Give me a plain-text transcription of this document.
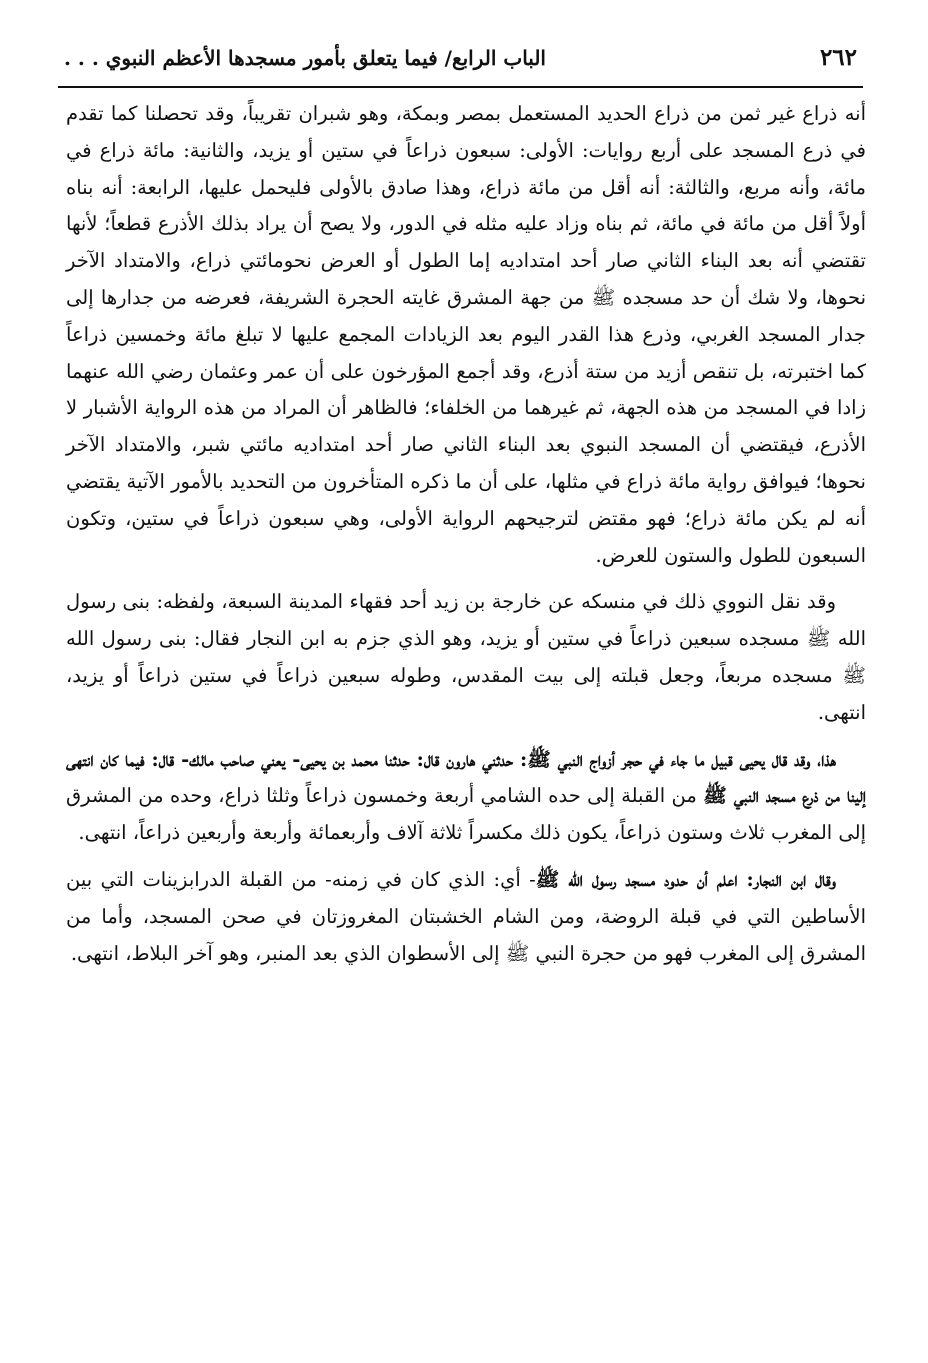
٢٦٢
الباب الرابع/ فيما يتعلق بأمور مسجدها الأعظم النبوي . . .

أنه ذراع غير ثمن من ذراع الحديد المستعمل بمصر وبمكة، وهو شبران تقريباً، وقد تحصلنا كما تقدم في ذرع المسجد على أربع روايات: الأولى: سبعون ذراعاً في ستين أو يزيد، والثانية: مائة ذراع في مائة، وأنه مربع، والثالثة: أنه أقل من مائة ذراع، وهذا صادق بالأولى فليحمل عليها، الرابعة: أنه بناه أولاً أقل من مائة في مائة، ثم بناه وزاد عليه مثله في الدور، ولا يصح أن يراد بذلك الأذرع قطعاً؛ لأنها تقتضي أنه بعد البناء الثاني صار أحد امتداديه إما الطول أو العرض نحومائتي ذراع، والامتداد الآخر نحوها، ولا شك أن حد مسجده ﷺ من جهة المشرق غايته الحجرة الشريفة، فعرضه من جدارها إلى جدار المسجد الغربي، وذرع هذا القدر اليوم بعد الزيادات المجمع عليها لا تبلغ مائة وخمسين ذراعاً كما اختبرته، بل تنقص أزيد من ستة أذرع، وقد أجمع المؤرخون على أن عمر وعثمان رضي الله عنهما زادا في المسجد من هذه الجهة، ثم غيرهما من الخلفاء؛ فالظاهر أن المراد من هذه الرواية الأشبار لا الأذرع، فيقتضي أن المسجد النبوي بعد البناء الثاني صار أحد امتداديه مائتي شبر، والامتداد الآخر نحوها؛ فيوافق رواية مائة ذراع في مثلها، على أن ما ذكره المتأخرون من التحديد بالأمور الآتية يقتضي أنه لم يكن مائة ذراع؛ فهو مقتض لترجيحهم الرواية الأولى، وهي سبعون ذراعاً في ستين، وتكون السبعون للطول والستون للعرض.

وقد نقل النووي ذلك في منسكه عن خارجة بن زيد أحد فقهاء المدينة السبعة، ولفظه: بنى رسول الله ﷺ مسجده سبعين ذراعاً في ستين أو يزيد، وهو الذي جزم به ابن النجار فقال: بنى رسول الله ﷺ مسجده مربعاً، وجعل قبلته إلى بيت المقدس، وطوله سبعين ذراعاً في ستين ذراعاً أو يزيد، انتهى.

هذا، وقد قال يحيى قبيل ما جاء في حجر أزواج النبي ﷺ: حدثني هارون قال: حدثنا محمد بن يحيى- يعني صاحب مالك- قال: فيما كان انتهى إلينا من ذرع مسجد النبي ﷺ من القبلة إلى حده الشامي أربعة وخمسون ذراعاً وثلثا ذراع، وحده من المشرق إلى المغرب ثلاث وستون ذراعاً، يكون ذلك مكسراً ثلاثة آلاف وأربعمائة وأربعة وأربعين ذراعاً، انتهى.

وقال ابن النجار: اعلم أن حدود مسجد رسول الله ﷺ- أي: الذي كان في زمنه- من القبلة الدرابزينات التي بين الأساطين التي في قبلة الروضة، ومن الشام الخشبتان المغروزتان في صحن المسجد، وأما من المشرق إلى المغرب فهو من حجرة النبي ﷺ إلى الأسطوان الذي بعد المنبر، وهو آخر البلاط، انتهى.
